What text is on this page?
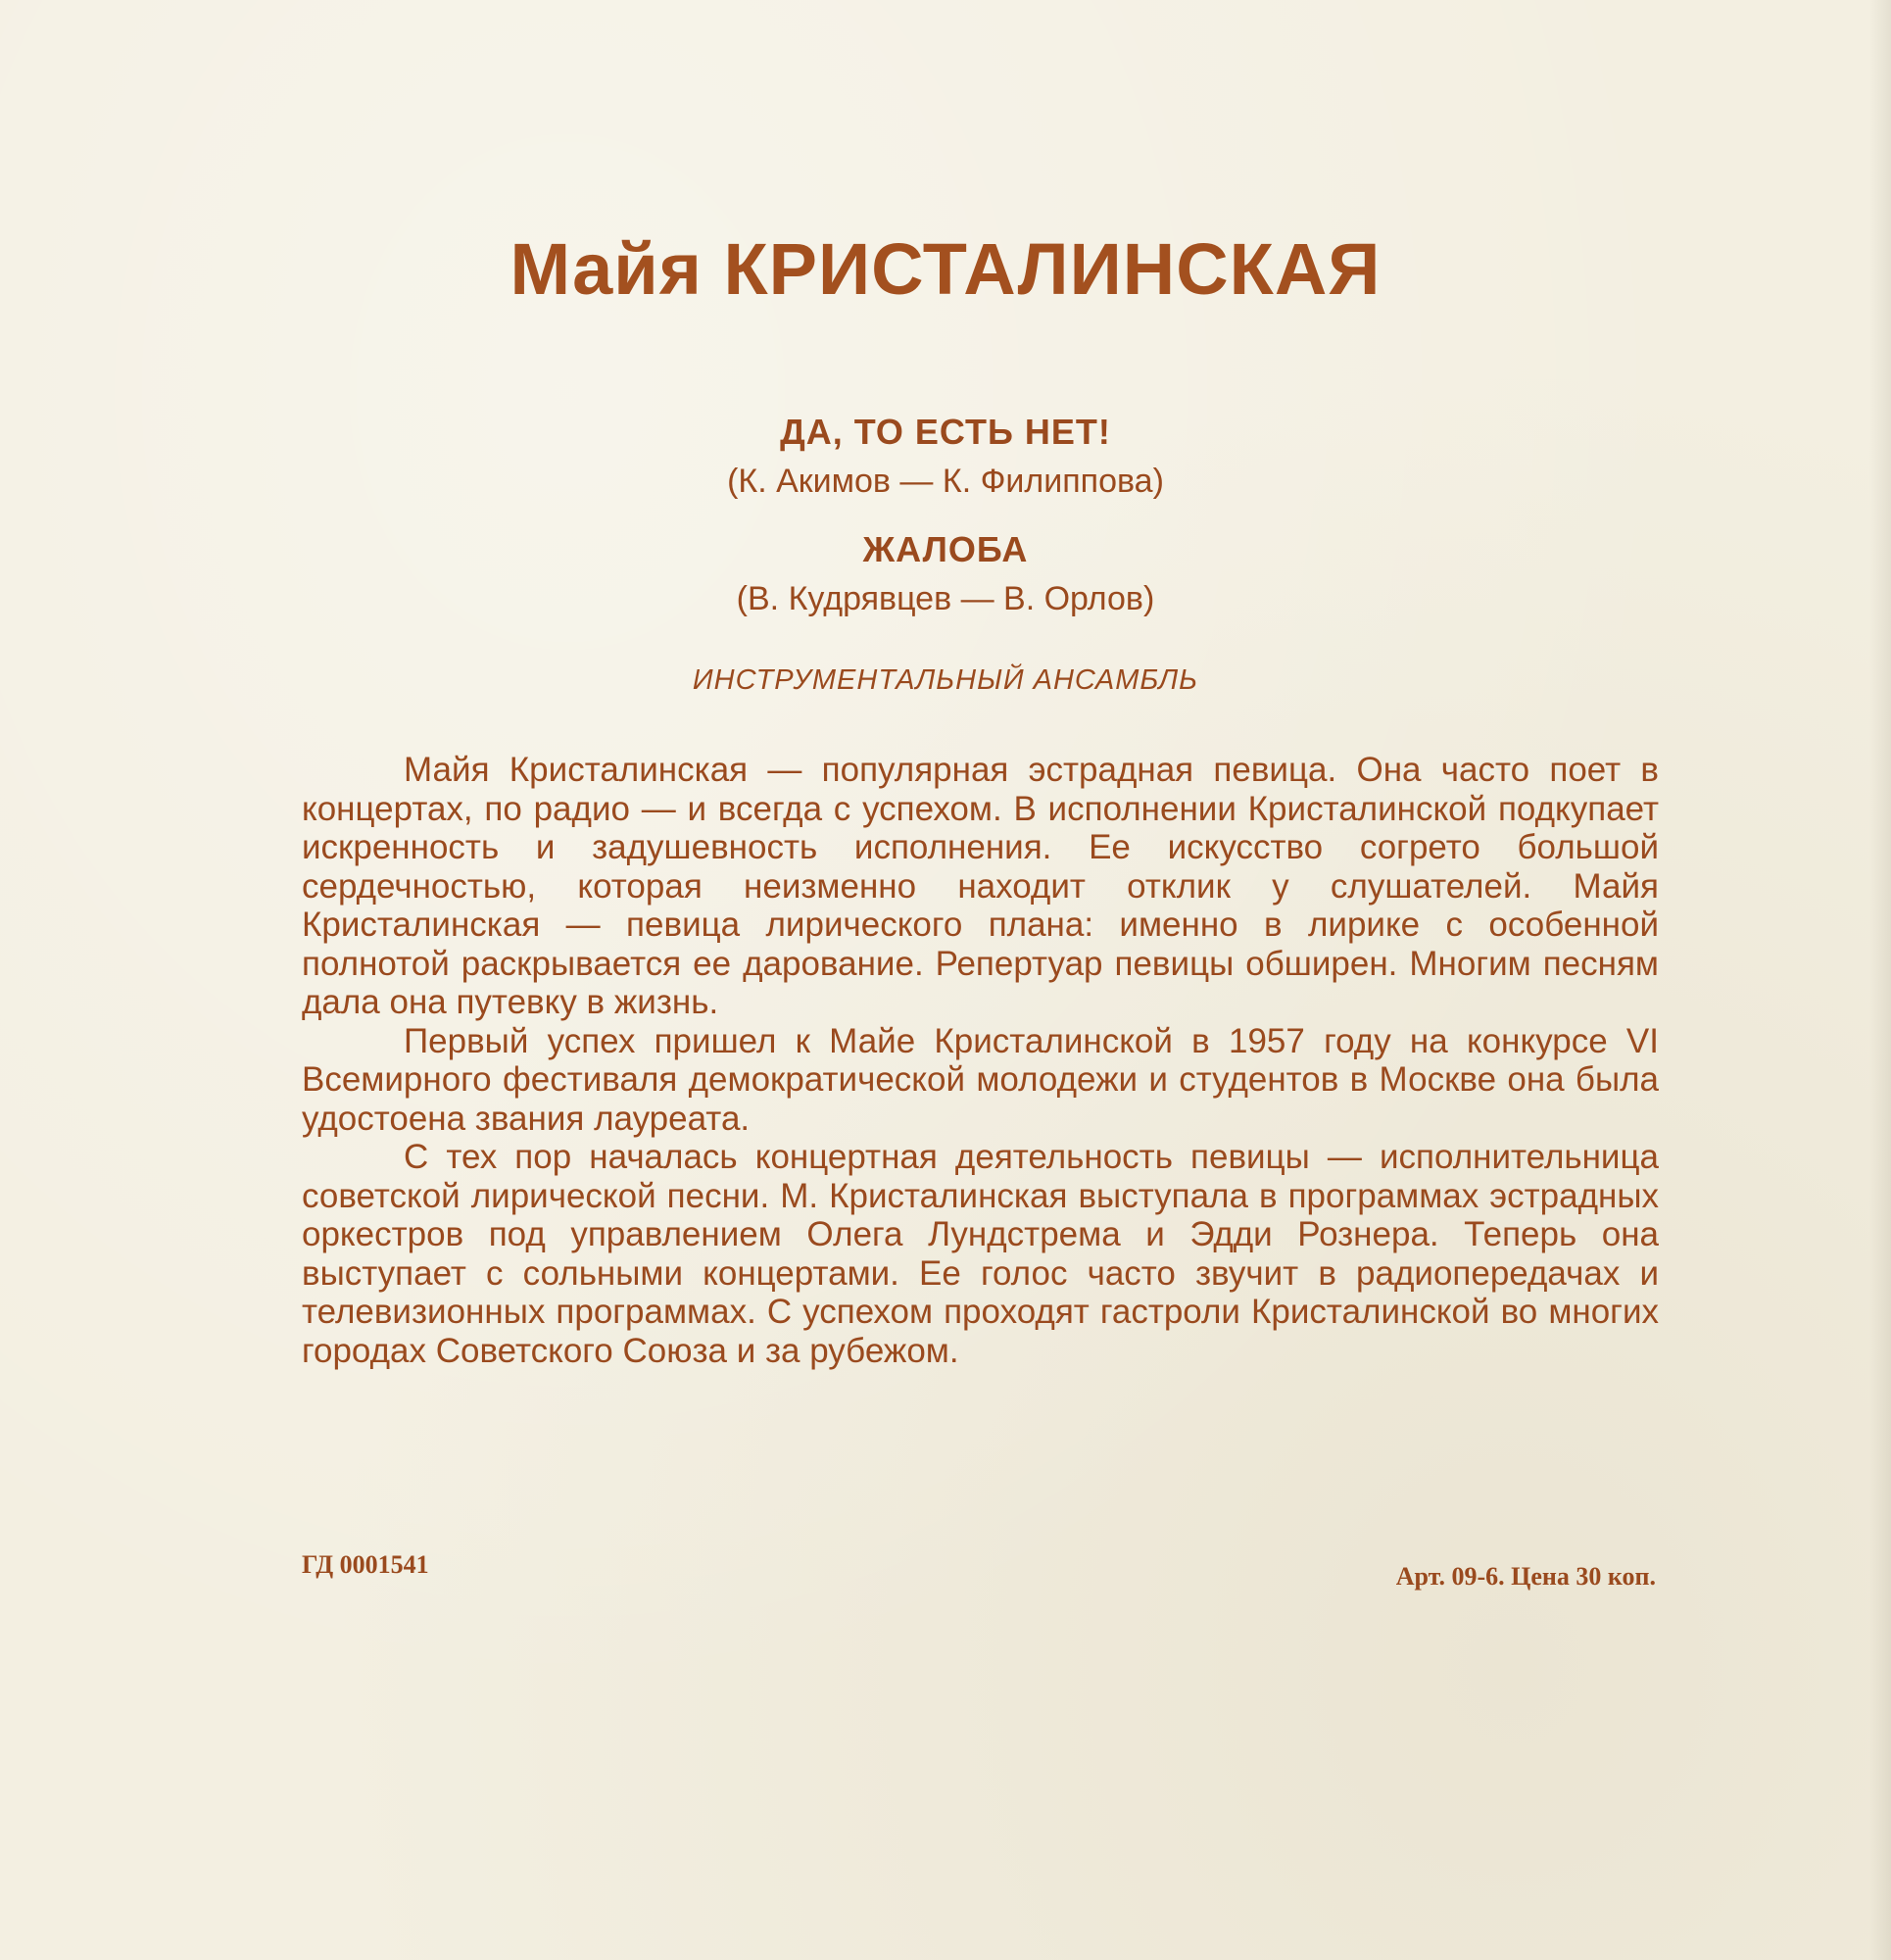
Майя КРИСТАЛИНСКАЯ
ДА, ТО ЕСТЬ НЕТ!
(К. Акимов — К. Филиппова)
ЖАЛОБА
(В. Кудрявцев — В. Орлов)
ИНСТРУМЕНТАЛЬНЫЙ АНСАМБЛЬ

Майя Кристалинская — популярная эстрадная певица. Она часто поет в концертах, по радио — и всегда с успехом. В исполнении Кристалинской подкупает искренность и задушевность исполнения. Ее искусство согрето большой сердечностью, которая неизменно находит отклик у слушателей. Майя Кристалинская — певица лирического плана: именно в лирике с особенной полнотой раскрывается ее дарование. Репертуар певицы обширен. Многим песням дала она путевку в жизнь.

Первый успех пришел к Майе Кристалинской в 1957 году на конкурсе VI Всемирного фестиваля демократической молодежи и студентов в Москве она была удостоена звания лауреата.

С тех пор началась концертная деятельность певицы — исполнительница советской лирической песни. М. Кристалинская выступала в программах эстрадных оркестров под управлением Олега Лундстрема и Эдди Рознера. Теперь она выступает с сольными концертами. Ее голос часто звучит в радиопередачах и телевизионных программах. С успехом проходят гастроли Кристалинской во многих городах Советского Союза и за рубежом.

ГД 0001541	Арт. 09-6. Цена 30 коп.
